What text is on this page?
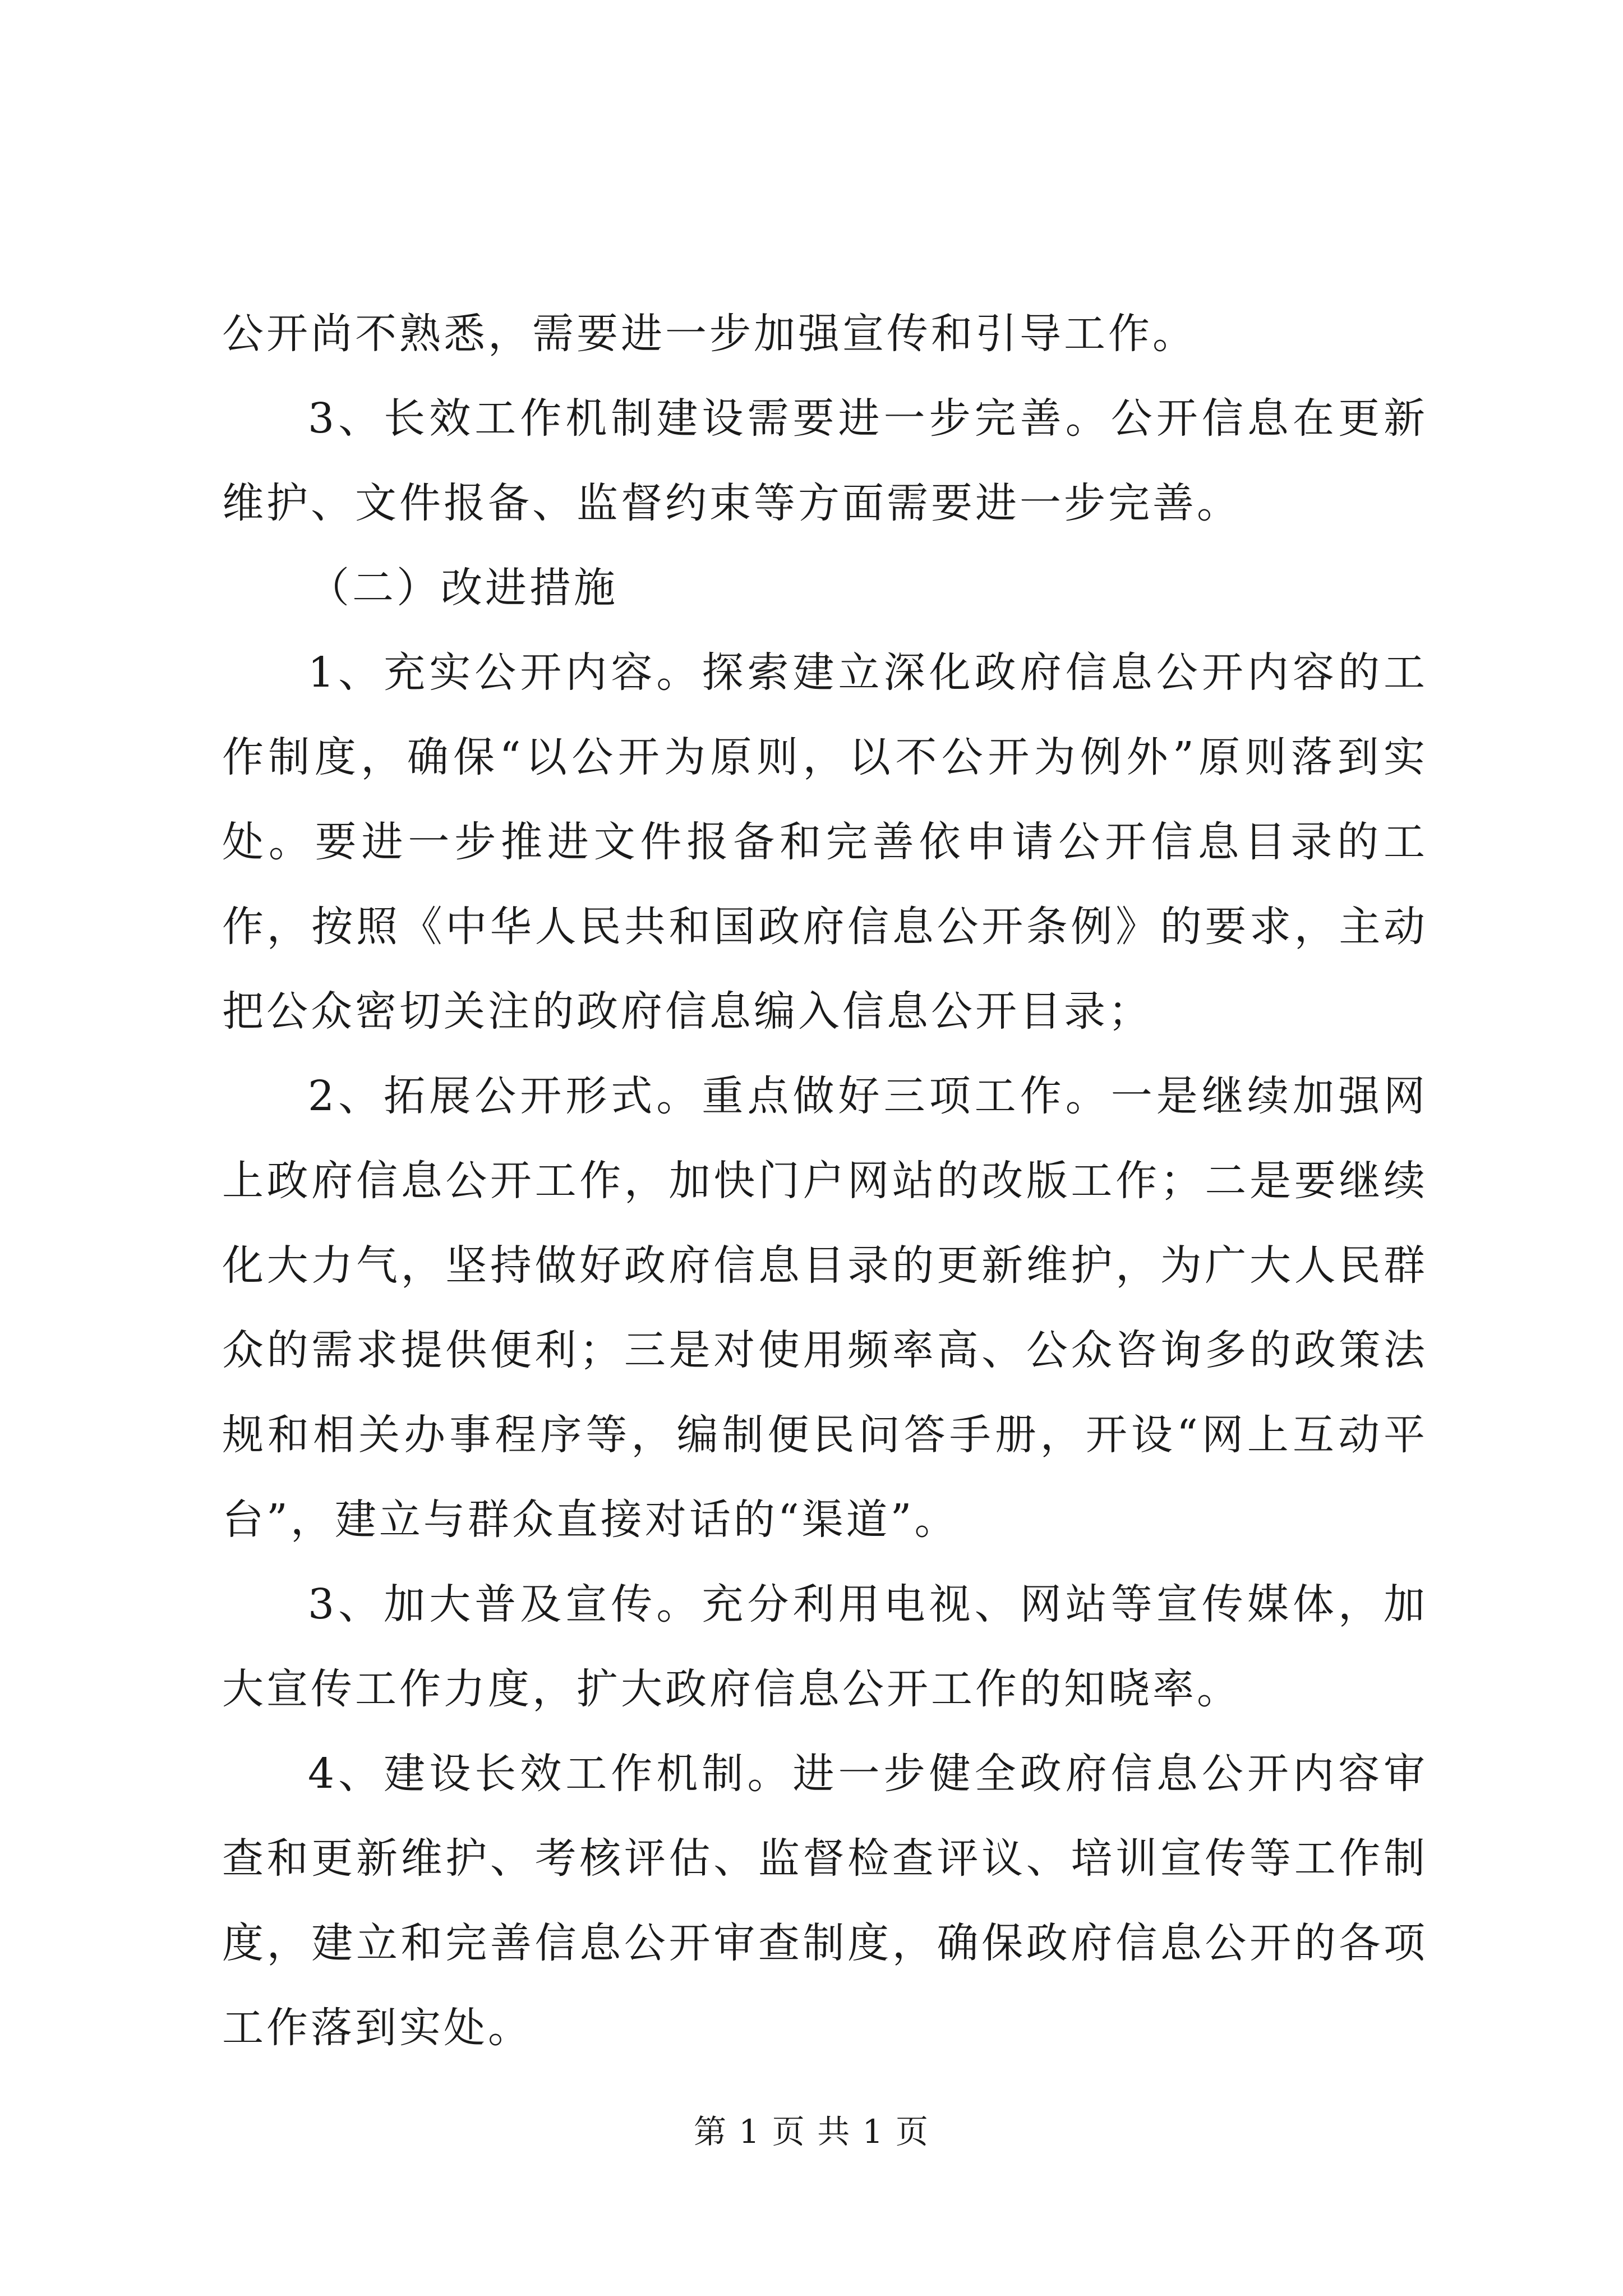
公开尚不熟悉，需要进一步加强宣传和引导工作。

3、长效工作机制建设需要进一步完善。公开信息在更新维护、文件报备、监督约束等方面需要进一步完善。

（二）改进措施

1、充实公开内容。探索建立深化政府信息公开内容的工作制度，确保“以公开为原则，以不公开为例外”原则落到实处。要进一步推进文件报备和完善依申请公开信息目录的工作，按照《中华人民共和国政府信息公开条例》的要求，主动把公众密切关注的政府信息编入信息公开目录；

2、拓展公开形式。重点做好三项工作。一是继续加强网上政府信息公开工作，加快门户网站的改版工作；二是要继续化大力气，坚持做好政府信息目录的更新维护，为广大人民群众的需求提供便利；三是对使用频率高、公众咨询多的政策法规和相关办事程序等，编制便民问答手册，开设“网上互动平台”，建立与群众直接对话的“渠道”。

3、加大普及宣传。充分利用电视、网站等宣传媒体，加大宣传工作力度，扩大政府信息公开工作的知晓率。

4、建设长效工作机制。进一步健全政府信息公开内容审查和更新维护、考核评估、监督检查评议、培训宣传等工作制度，建立和完善信息公开审查制度，确保政府信息公开的各项工作落到实处。

第 1 页 共 1 页
